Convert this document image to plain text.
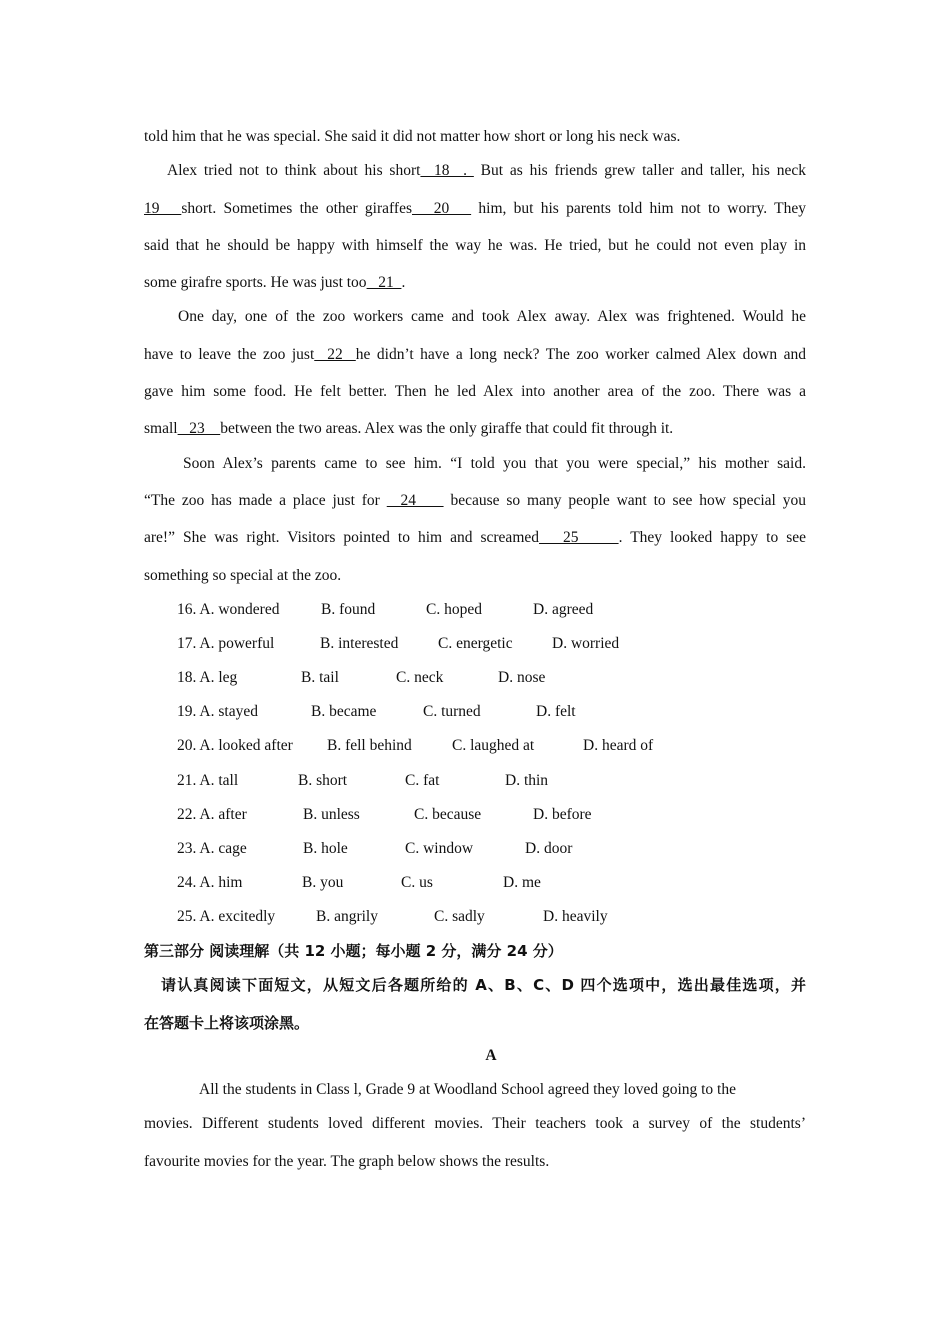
told him that he was special. She said it did not matter how short or long his neck was.
Alex tried not to think about his short  18  .  But as his friends grew taller and taller, his neck
19   short. Sometimes the other giraffes   20    him, but his parents told him not to worry. They
said that he should be happy with himself the way he was. He tried, but he could not even play in
some girafre sports. He was just too   21  .
One day, one of the zoo workers came and took Alex away. Alex was frightened. Would he
have to leave the zoo just  22  he didn’t have a long neck? The zoo worker calmed Alex down and
gave him some food. He felt better. Then he led Alex into another area of the zoo. There was a
small   23    between the two areas. Alex was the only giraffe that could fit through it.
Soon Alex’s parents came to see him. “I told you that you were special,” his mother said.
“The zoo has made a place just for   24     because so many people want to see how special you
are!” She was right. Visitors pointed to him and screamed   25     . They looked happy to see
something so special at the zoo.
16. A. wondered	B. found	C. hoped	D. agreed
17. A. powerful	B. interested	C. energetic	D. worried
18. A. leg	B. tail	C. neck	D. nose
19. A. stayed	B. became	C. turned	D. felt
20. A. looked after B. fell behind	C. laughed at	D. heard of
21. A. tall	B. short	C. fat	D. thin
22. A. after	B. unless	C. because	D. before
23. A. cage	B. hole	C. window	D. door
24. A. him	B. you	C. us	D. me
25. A. excitedly	B. angrily	C. sadly	D. heavily
第三部分 阅读理解（共 12 小题；每小题 2 分，满分 24 分）
请认真阅读下面短文，从短文后各题所给的 A、B、C、D 四个选项中，选出最佳选项，并
在答题卡上将该项涂黑。
A
All the students in Class l, Grade 9 at Woodland School agreed they loved going to the
movies. Different students loved different movies. Their teachers took a survey of the students’
favourite movies for the year. The graph below shows the results.
